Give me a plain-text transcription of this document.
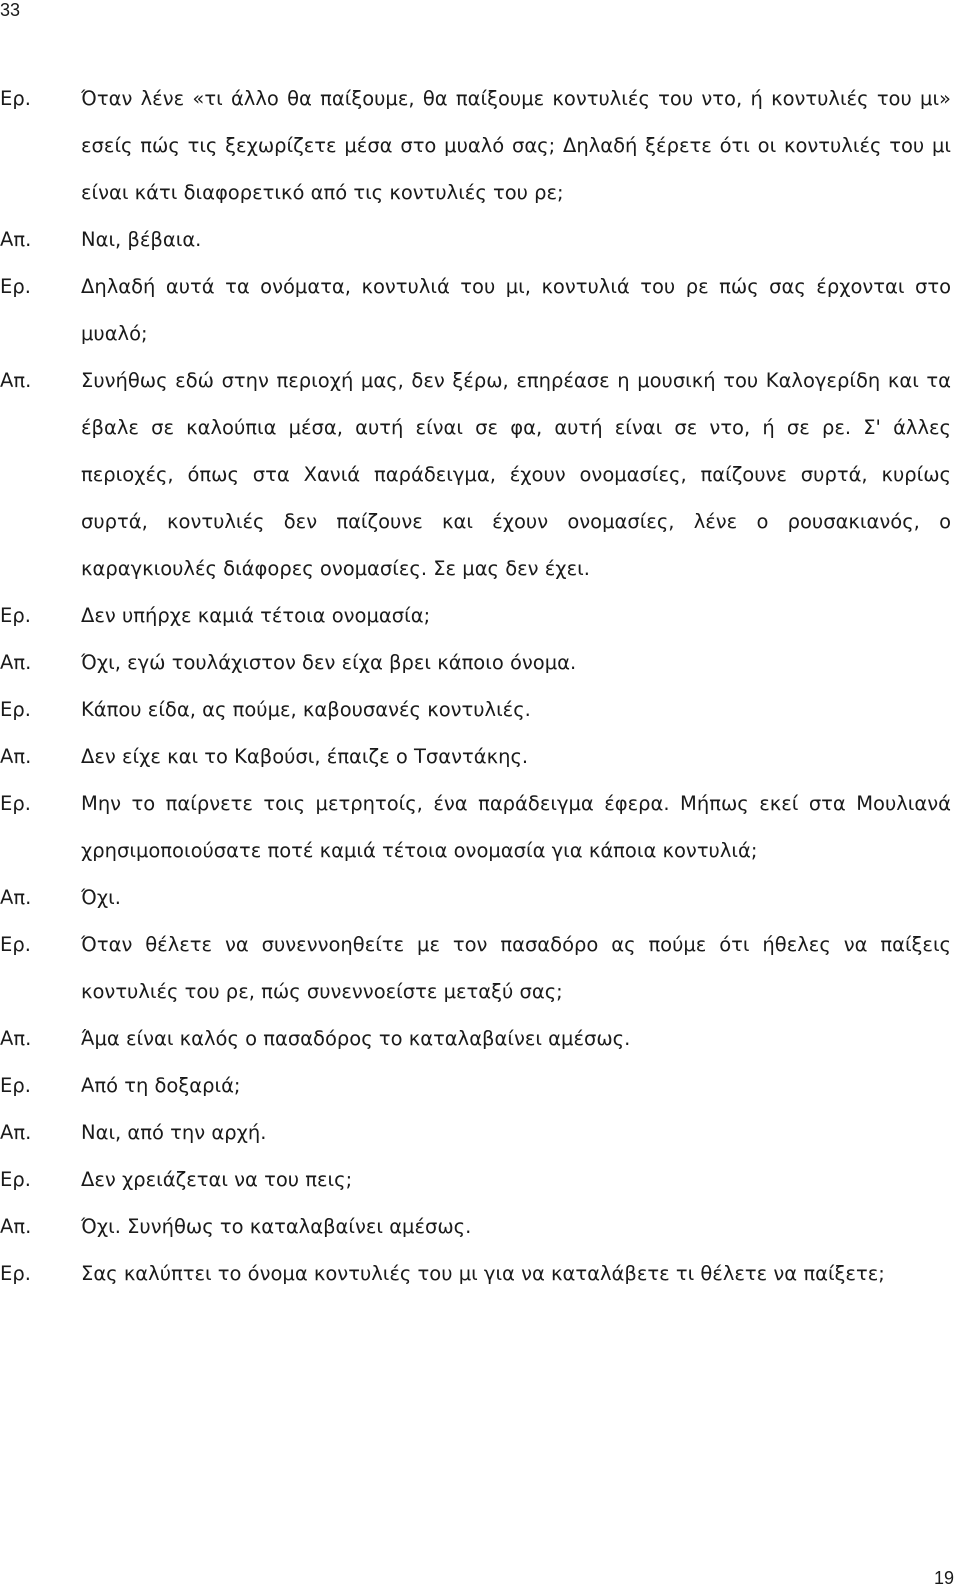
33
Ερ.	Όταν λένε «τι άλλο θα παίξουμε, θα παίξουμε κοντυλιές του ντο, ή κοντυλιές του μι» εσείς πώς τις ξεχωρίζετε μέσα στο μυαλό σας; Δηλαδή ξέρετε ότι οι κοντυλιές του μι είναι κάτι διαφορετικό από τις κοντυλιές του ρε;

Απ.	Ναι, βέβαια.

Ερ.	Δηλαδή αυτά τα ονόματα, κοντυλιά του μι, κοντυλιά του ρε πώς σας έρχονται στο μυαλό;

Απ.	Συνήθως εδώ στην περιοχή μας, δεν ξέρω, επηρέασε η μουσική του Καλογερίδη και τα έβαλε σε καλούπια μέσα, αυτή είναι σε φα, αυτή είναι σε ντο, ή σε ρε. Σ' άλλες περιοχές, όπως στα Χανιά παράδειγμα, έχουν ονομασίες, παίζουνε συρτά, κυρίως συρτά, κοντυλιές δεν παίζουνε και έχουν ονομασίες, λένε ο ρουσακιανός, ο καραγκιουλές διάφορες ονομασίες. Σε μας δεν έχει.

Ερ.	Δεν υπήρχε καμιά τέτοια ονομασία;

Απ.	Όχι, εγώ τουλάχιστον δεν είχα βρει κάποιο όνομα.

Ερ.	Κάπου είδα, ας πούμε, καβουσανές κοντυλιές.

Απ.	Δεν είχε και το Καβούσι, έπαιζε ο Τσαντάκης.

Ερ.	Μην το παίρνετε τοις μετρητοίς, ένα παράδειγμα έφερα. Μήπως εκεί στα Μουλιανά χρησιμοποιούσατε ποτέ καμιά τέτοια ονομασία για κάποια κοντυλιά;

Απ.	Όχι.

Ερ.	Όταν θέλετε να συνεννοηθείτε με τον πασαδόρο ας πούμε ότι ήθελες να παίξεις κοντυλιές του ρε, πώς συνεννοείστε μεταξύ σας;

Απ.	Άμα είναι καλός ο πασαδόρος το καταλαβαίνει αμέσως.

Ερ.	Από τη δοξαριά;

Απ.	Ναι, από την αρχή.

Ερ.	Δεν χρειάζεται να του πεις;

Απ.	Όχι. Συνήθως το καταλαβαίνει αμέσως.

Ερ.	Σας καλύπτει το όνομα κοντυλιές του μι για να καταλάβετε τι θέλετε να παίξετε;

19
